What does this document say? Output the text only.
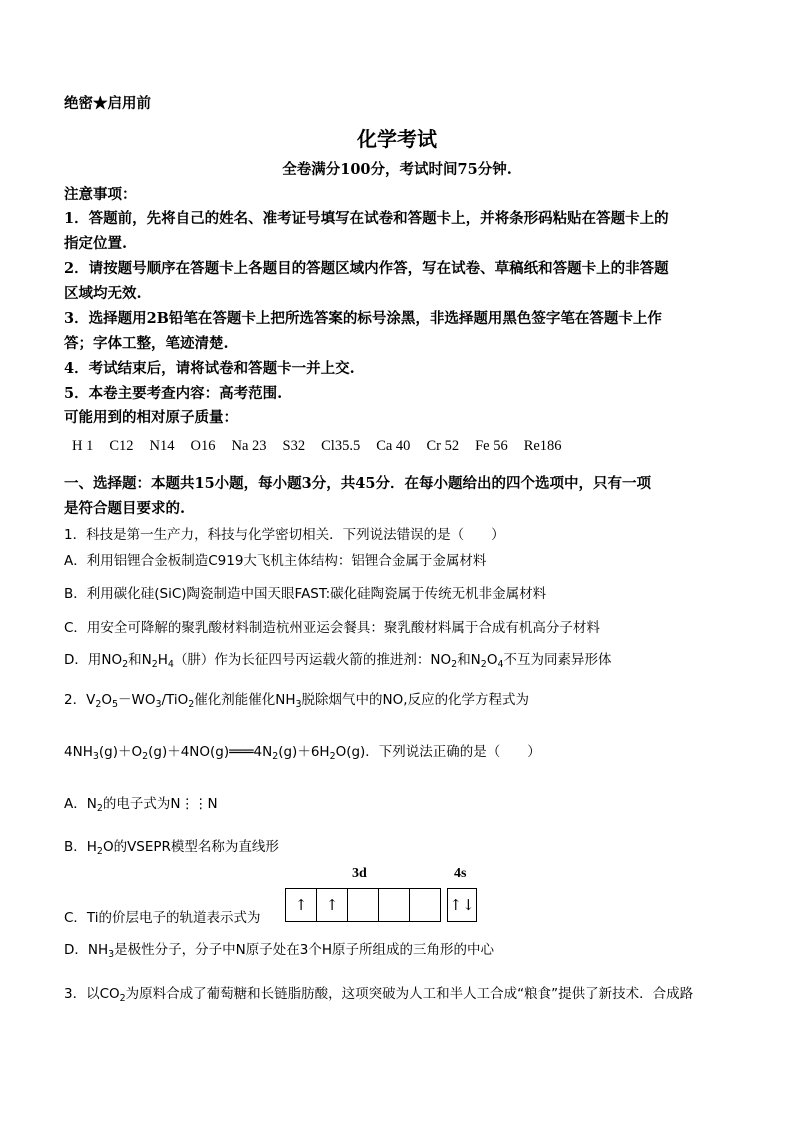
绝密★启用前
化学考试
全卷满分100分，考试时间75分钟.
注意事项：
1．答题前，先将自己的姓名、准考证号填写在试卷和答题卡上，并将条形码粘贴在答题卡上的
指定位置.
2．请按题号顺序在答题卡上各题目的答题区域内作答，写在试卷、草稿纸和答题卡上的非答题
区域均无效.
3．选择题用2B铅笔在答题卡上把所选答案的标号涂黑，非选择题用黑色签字笔在答题卡上作
答；字体工整，笔迹清楚.
4．考试结束后，请将试卷和答题卡一并上交.
5．本卷主要考查内容：高考范围.
可能用到的相对原子质量：
H 1 C12 N14 O16 Na 23 S32 Cl35.5 Ca 40 Cr 52 Fe 56 Re186
一、选择题：本题共15小题，每小题3分，共45分．在每小题给出的四个选项中，只有一项
是符合题目要求的.
1．科技是第一生产力，科技与化学密切相关．下列说法错误的是（　　）
A．利用铝锂合金板制造C919大飞机主体结构：铝锂合金属于金属材料
B．利用碳化硅(SiC)陶瓷制造中国天眼FAST:碳化硅陶瓷属于传统无机非金属材料
C．用安全可降解的聚乳酸材料制造杭州亚运会餐具：聚乳酸材料属于合成有机高分子材料
D．用$NO_2$和$N_2H_4$（肼）作为长征四号丙运载火箭的推进剂：$NO_2$和$N_2O_4$不互为同素异形体
2．$V_2O_5-WO_3/TiO_2$催化剂能催化$NH_3$脱除烟气中的NO,反应的化学方程式为
$4NH_3(g)+O_2(g)+4NO(g)═══4N_2(g)+6H_2O(g)$．下列说法正确的是（　　）
A．$N_2$的电子式为N⋮⋮N
B．$H_2O$的VSEPR模型名称为直线形
C．Ti的价层电子的轨道表示式为
3d	4s
↑	↑	↑↓
D．$NH_3$是极性分子，分子中N原子处在3个H原子所组成的三角形的中心
3．以$CO_2$为原料合成了葡萄糖和长链脂肪酸，这项突破为人工和半人工合成“粮食”提供了新技术．合成路
